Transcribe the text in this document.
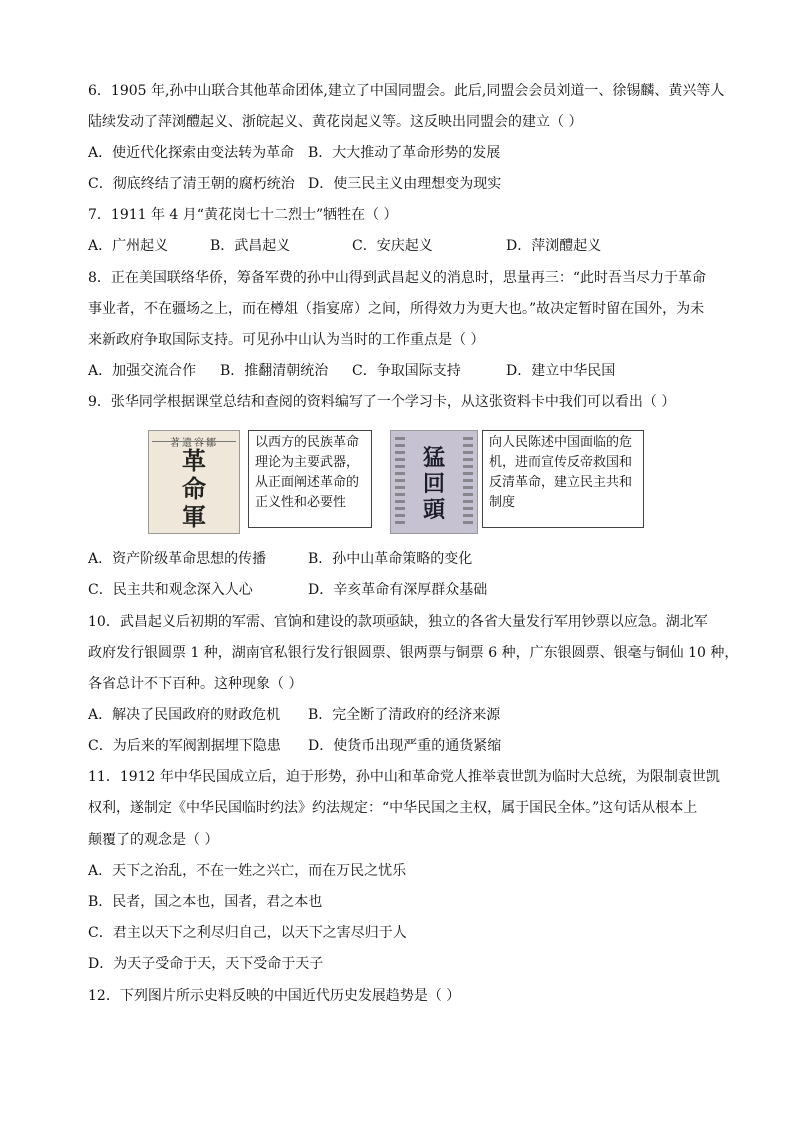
6．1905 年,孙中山联合其他革命团体,建立了中国同盟会。此后,同盟会会员刘道一、徐锡麟、黄兴等人
陆续发动了萍浏醴起义、浙皖起义、黄花岗起义等。这反映出同盟会的建立（ ）
A．使近代化探索由变法转为革命 B．大大推动了革命形势的发展
C．彻底终结了清王朝的腐朽统治 D．使三民主义由理想变为现实
7．1911 年 4 月“黄花岗七十二烈士”牺牲在（ ）
A．广州起义	B．武昌起义	C．安庆起义	D．萍浏醴起义
8．正在美国联络华侨，筹备军费的孙中山得到武昌起义的消息时，思量再三：“此时吾当尽力于革命
事业者，不在疆场之上，而在樽俎（指宴席）之间，所得效力为更大也。”故决定暂时留在国外，为未
来新政府争取国际支持。可见孙中山认为当时的工作重点是（ ）
A．加强交流合作 B．推翻清朝统治 C．争取国际支持	D．建立中华民国
9．张华同学根据课堂总结和查阅的资料编写了一个学习卡，从这张资料卡中我们可以看出（ ）
著遺容鄒
革
命
軍
以西方的民族革命理论为主要武器，从正面阐述革命的正义性和必要性
猛
回
頭
向人民陈述中国面临的危机，进而宣传反帝救国和反清革命，建立民主共和制度
A．资产阶级革命思想的传播	B．孙中山革命策略的变化
C．民主共和观念深入人心	D．辛亥革命有深厚群众基础
10．武昌起义后初期的军需、官饷和建设的款项亟缺，独立的各省大量发行军用钞票以应急。湖北军
政府发行银圆票 1 种，湖南官私银行发行银圆票、银两票与铜票 6 种，广东银圆票、银毫与铜仙 10 种，
各省总计不下百种。这种现象（ ）
A．解决了民国政府的财政危机 B．完全断了清政府的经济来源
C．为后来的军阀割据埋下隐患 D．使货币出现严重的通货紧缩
11．1912 年中华民国成立后，迫于形势，孙中山和革命党人推举袁世凯为临时大总统，为限制袁世凯
权利，遂制定《中华民国临时约法》约法规定：“中华民国之主权，属于国民全体。”这句话从根本上
颠覆了的观念是（ ）
A．天下之治乱，不在一姓之兴亡，而在万民之忧乐
B．民者，国之本也，国者，君之本也
C．君主以天下之利尽归自己，以天下之害尽归于人
D．为天子受命于天，天下受命于天子
12．下列图片所示史料反映的中国近代历史发展趋势是（ ）
